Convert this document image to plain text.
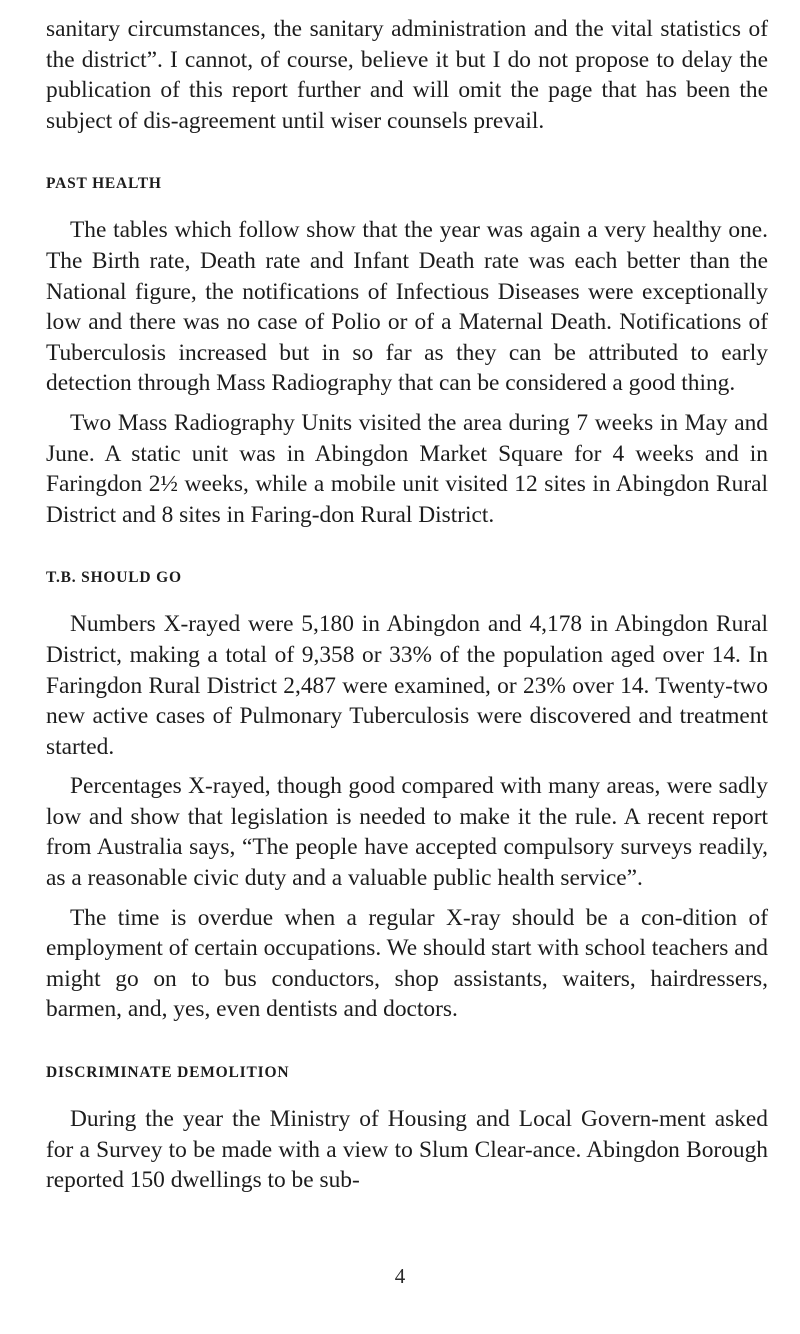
sanitary circumstances, the sanitary administration and the vital statistics of the district”. I cannot, of course, believe it but I do not propose to delay the publication of this report further and will omit the page that has been the subject of dis-agreement until wiser counsels prevail.

PAST HEALTH

The tables which follow show that the year was again a very healthy one. The Birth rate, Death rate and Infant Death rate was each better than the National figure, the notifications of Infectious Diseases were exceptionally low and there was no case of Polio or of a Maternal Death. Notifications of Tuberculosis increased but in so far as they can be attributed to early detection through Mass Radiography that can be considered a good thing.

Two Mass Radiography Units visited the area during 7 weeks in May and June. A static unit was in Abingdon Market Square for 4 weeks and in Faringdon 2½ weeks, while a mobile unit visited 12 sites in Abingdon Rural District and 8 sites in Faring-don Rural District.

T.B. SHOULD GO

Numbers X-rayed were 5,180 in Abingdon and 4,178 in Abingdon Rural District, making a total of 9,358 or 33% of the population aged over 14. In Faringdon Rural District 2,487 were examined, or 23% over 14. Twenty-two new active cases of Pulmonary Tuberculosis were discovered and treatment started.

Percentages X-rayed, though good compared with many areas, were sadly low and show that legislation is needed to make it the rule. A recent report from Australia says, “The people have accepted compulsory surveys readily, as a reasonable civic duty and a valuable public health service”.

The time is overdue when a regular X-ray should be a con-dition of employment of certain occupations. We should start with school teachers and might go on to bus conductors, shop assistants, waiters, hairdressers, barmen, and, yes, even dentists and doctors.

DISCRIMINATE DEMOLITION

During the year the Ministry of Housing and Local Govern-ment asked for a Survey to be made with a view to Slum Clear-ance. Abingdon Borough reported 150 dwellings to be sub-

4
